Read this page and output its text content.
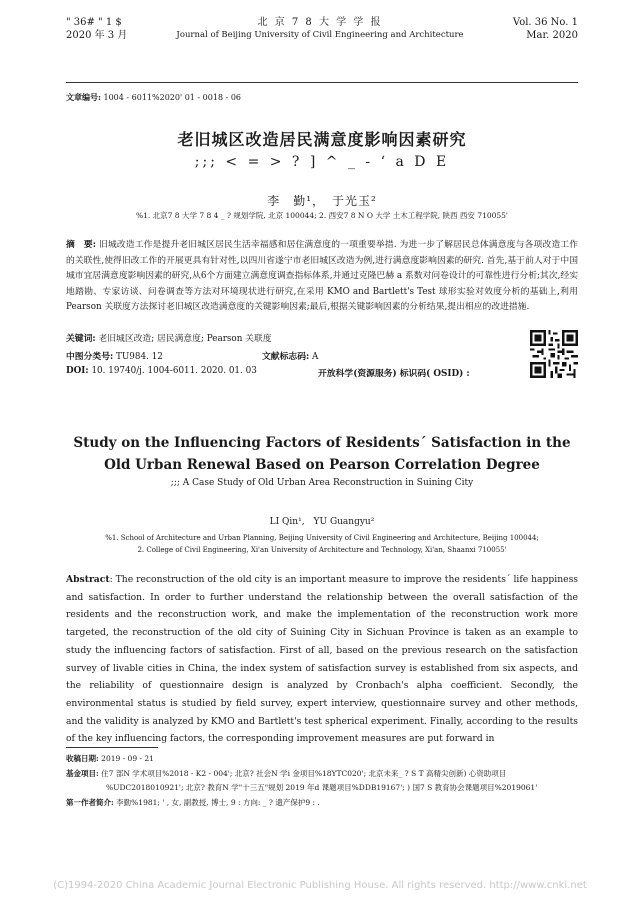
" 36# " 1 $
2020 年 3 月
北 京 7 8 大 学 学 报
Journal of Beijing University of Civil Engineering and Architecture
Vol. 36 No. 1
Mar. 2020
文章编号: 1004 - 6011%2020' 01 - 0018 - 06
老旧城区改造居民满意度影响因素研究
;;; < = > ? ] ^ _ - ‘ a D E
李　勤¹，　于光玉²
%1. 北京7 8 大学 7 8 4 _ ? 规划学院, 北京 100044; 2. 西安7 8 N O 大学 土木工程学院, 陕西 西安 710055'
摘　要: 旧城改造工作是提升老旧城区居民生活幸福感和居住满意度的一项重要举措. 为进一步了解居民总体满意度与各项改造工作的关联性,使得旧改工作的开展更具有针对性,以四川省遂宁市老旧城区改造为例,进行满意度影响因素的研究. 首先,基于前人对于中国城市宜居满意度影响因素的研究,从6个方面建立满意度调查指标体系,并通过克隆巴赫 a 系数对问卷设计的可靠性进行分析;其次,经实地踏勘、专家访谈、问卷调查等方法对环境现状进行研究,在采用 KMO and Bartlett's Test 球形实验对效度分析的基础上,利用 Pearson 关联度方法探讨老旧城区改造满意度的关键影响因素;最后,根据关键影响因素的分析结果,提出相应的改进措施.
关键词: 老旧城区改造; 居民满意度; Pearson 关联度
中图分类号: TU984. 12	文献标志码: A
DOI: 10. 19740/j. 1004-6011. 2020. 01. 03	开放科学(资源服务) 标识码( OSID) :
Study on the Influencing Factors of Residents´ Satisfaction in the
Old Urban Renewal Based on Pearson Correlation Degree
;;; A Case Study of Old Urban Area Reconstruction in Suining City
LI Qin¹,　YU Guangyu²
%1. School of Architecture and Urban Planning, Beijing University of Civil Engineering and Architecture, Beijing 100044;
2. College of Civil Engineering, Xi'an University of Architecture and Technology, Xi'an, Shaanxi 710055'
Abstract: The reconstruction of the old city is an important measure to improve the residents´ life happiness and satisfaction. In order to further understand the relationship between the overall satisfaction of the residents and the reconstruction work, and make the implementation of the reconstruction work more targeted, the reconstruction of the old city of Suining City in Sichuan Province is taken as an example to study the influencing factors of satisfaction. First of all, based on the previous research on the satisfaction survey of livable cities in China, the index system of satisfaction survey is established from six aspects, and the reliability of questionnaire design is analyzed by Cronbach's alpha coefficient. Secondly, the environmental status is studied by field survey, expert interview, questionnaire survey and other methods, and the validity is analyzed by KMO and Bartlett's test spherical experiment. Finally, according to the results of the key influencing factors, the corresponding improvement measures are put forward in
收稿日期: 2019 - 09 - 21
基金项目: 住7 部N 学术项目%2018 - K2 - 004'; 北京? 社会N 学i 金项目%18YTC020'; 北京未来_ ? S T 高精尖创新) 心资助项目
%UDC2018010921'; 北京? 教育N 学"十三五"规划 2019 年d 课题项目%DDB19167'; ) 国7 S 教育协会课题项目%2019061'
第一作者简介: 李勤%1981; ' , 女, 副教授, 博士, 9 : 方向: _ ? 遗产保护9 : .
(C)1994-2020 China Academic Journal Electronic Publishing House. All rights reserved. http://www.cnki.net
